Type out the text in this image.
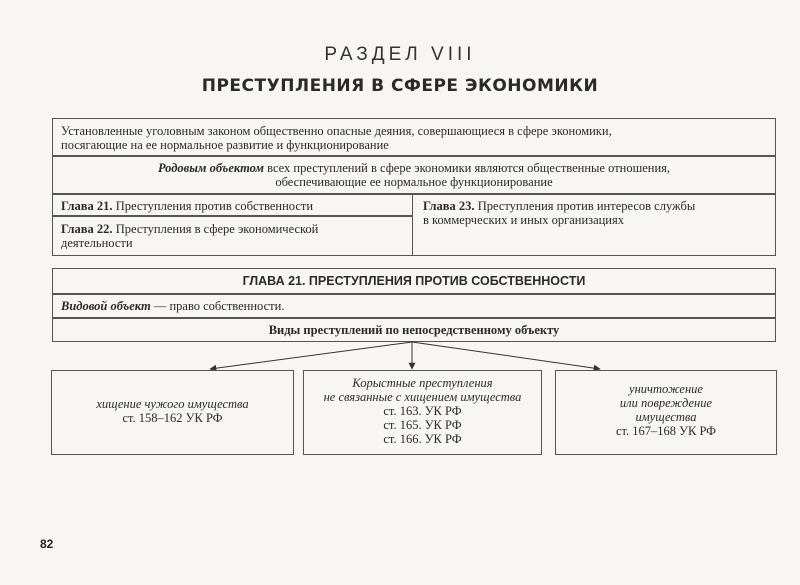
РАЗДЕЛ VIII
ПРЕСТУПЛЕНИЯ В СФЕРЕ ЭКОНОМИКИ
Установленные уголовным законом общественно опасные деяния, совершающиеся в сфере экономики,
посягающие на ее нормальное развитие и функционирование
Родовым объектом всех преступлений в сфере экономики являются общественные отношения,
обеспечивающие ее нормальное функционирование
Глава 21. Преступления против собственности
Глава 22. Преступления в сфере экономической
деятельности
Глава 23. Преступления против интересов службы
в коммерческих и иных организациях
ГЛАВА 21. ПРЕСТУПЛЕНИЯ ПРОТИВ СОБСТВЕННОСТИ
Видовой объект — право собственности.
Виды преступлений по непосредственному объекту
хищение чужого имущества
ст. 158–162 УК РФ
Корыстные преступления
не связанные с хищением имущества
ст. 163. УК РФ
ст. 165. УК РФ
ст. 166. УК РФ
уничтожение
или повреждение
имущества
ст. 167–168 УК РФ
82
